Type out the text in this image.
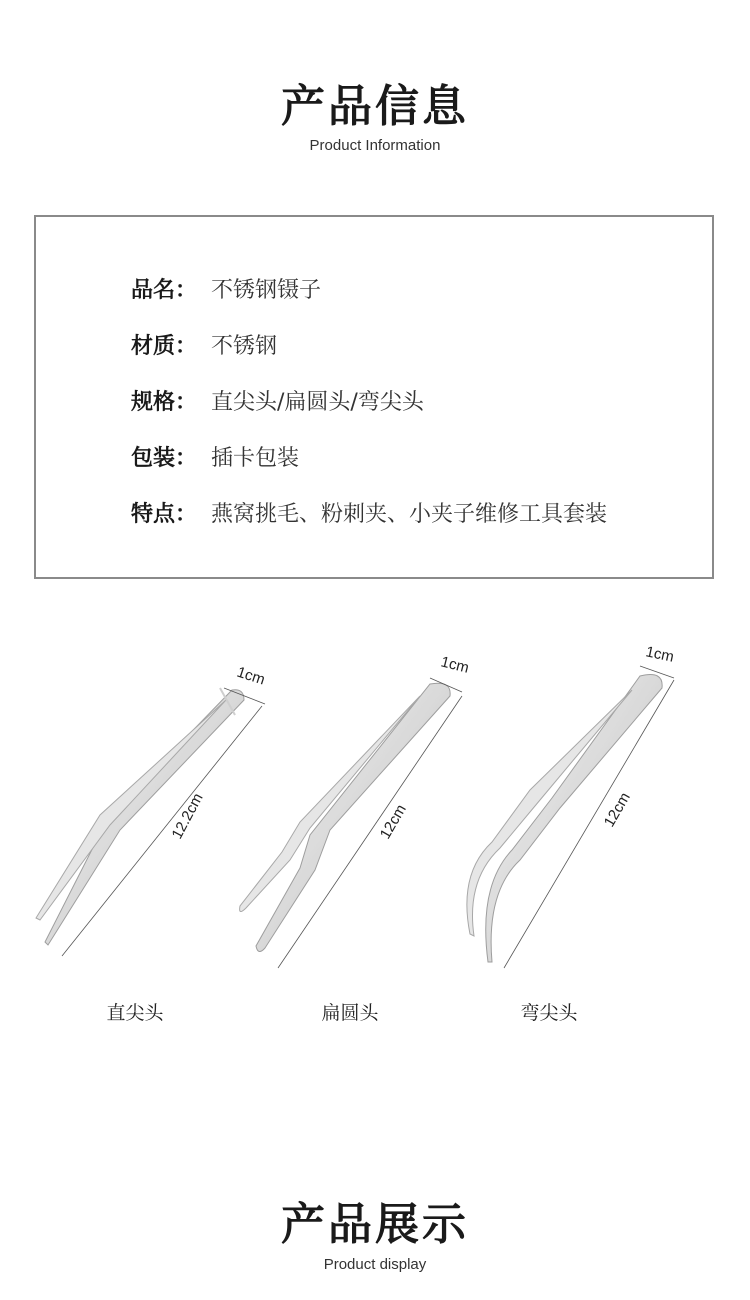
产品信息
Product Information
品名： 不锈钢镊子
材质： 不锈钢
规格： 直尖头/扁圆头/弯尖头
包装： 插卡包装
特点： 燕窝挑毛、粉刺夹、小夹子维修工具套装
1cm
12.2cm
1cm
12cm
1cm
12cm
直尖头	扁圆头	弯尖头
产品展示
Product display
